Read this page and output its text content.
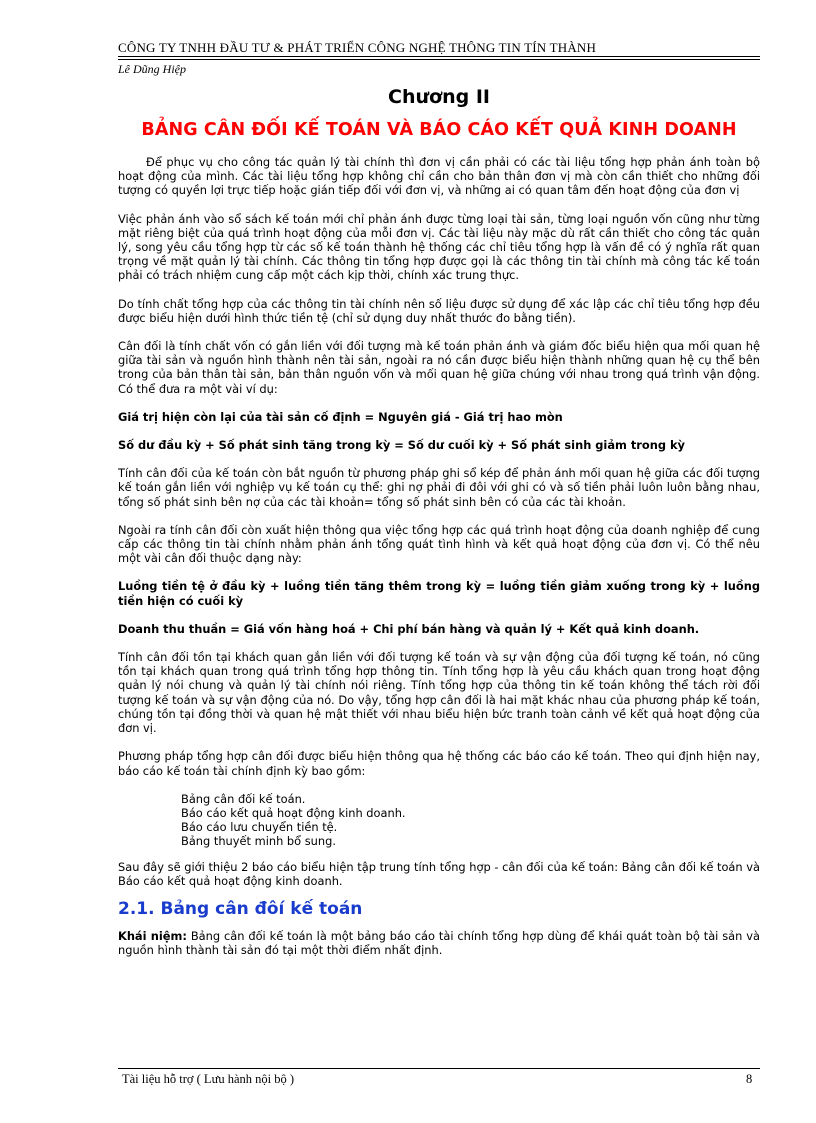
CÔNG TY TNHH ĐẦU TƯ & PHÁT TRIỂN CÔNG NGHỆ THÔNG TIN TÍN THÀNH
Lê Dũng Hiệp
Chương II
BẢNG CÂN ĐỐI KẾ TOÁN VÀ BÁO CÁO KẾT QUẢ KINH DOANH

Để phục vụ cho công tác quản lý tài chính thì đơn vị cần phải có các tài liệu tổng hợp phản ánh toàn bộ hoạt động của mình. Các tài liệu tổng hợp không chỉ cần cho bản thân đơn vị mà còn cần thiết cho những đối tượng có quyền lợi trực tiếp hoặc gián tiếp đối với đơn vị, và những ai có quan tâm đến hoạt động của đơn vị

Việc phản ánh vào sổ sách kế toán mới chỉ phản ánh được từng loại tài sản, từng loại nguồn vốn cũng như từng mặt riêng biệt của quá trình hoạt động của mỗi đơn vị. Các tài liệu này mặc dù rất cần thiết cho công tác quản lý, song yêu cầu tổng hợp từ các số kế toán thành hệ thống các chỉ tiêu tổng hợp là vấn đề có ý nghĩa rất quan trọng về mặt quản lý tài chính. Các thông tin tổng hợp được gọi là các thông tin tài chính mà công tác kế toán phải có trách nhiệm cung cấp một cách kịp thời, chính xác trung thực.

Do tính chất tổng hợp của các thông tin tài chính nên số liệu được sử dụng để xác lập các chỉ tiêu tổng hợp đều được biểu hiện dưới hình thức tiền tệ (chỉ sử dụng duy nhất thước đo bằng tiền).

Cân đối là tính chất vốn có gắn liền với đối tượng mà kế toán phản ánh và giám đốc biểu hiện qua mối quan hệ giữa tài sản và nguồn hình thành nên tài sản, ngoài ra nó cần được biểu hiện thành những quan hệ cụ thể bên trong của bản thân tài sản, bản thân nguồn vốn và mối quan hệ giữa chúng với nhau trong quá trình vận động. Có thể đưa ra một vài ví dụ:

Giá trị hiện còn lại của tài sản cố định = Nguyên giá - Giá trị hao mòn

Số dư đầu kỳ + Số phát sinh tăng trong kỳ = Số dư cuối kỳ + Số phát sinh giảm trong kỳ

Tính cân đối của kế toán còn bắt nguồn từ phương pháp ghi sổ kép để phản ánh mối quan hệ giữa các đối tượng kế toán gắn liền với nghiệp vụ kế toán cụ thể: ghi nợ phải đi đôi với ghi có và số tiền phải luôn luôn bằng nhau, tổng số phát sinh bên nợ của các tài khoản= tổng số phát sinh bên có của các tài khoản.

Ngoài ra tính cân đối còn xuất hiện thông qua việc tổng hợp các quá trình hoạt động của doanh nghiệp để cung cấp các thông tin tài chính nhằm phản ánh tổng quát tình hình và kết quả hoạt động của đơn vị. Có thể nêu một vài cân đối thuộc dạng này:

Luồng tiền tệ ở đầu kỳ + luồng tiền tăng thêm trong kỳ = luồng tiền giảm xuống trong kỳ + luồng tiền hiện có cuối kỳ

Doanh thu thuần = Giá vốn hàng hoá + Chi phí bán hàng và quản lý + Kết quả kinh doanh.

Tính cân đối tồn tại khách quan gắn liền với đối tượng kế toán và sự vận động của đối tượng kế toán, nó cũng tồn tại khách quan trong quá trình tổng hợp thông tin. Tính tổng hợp là yêu cầu khách quan trong hoạt động quản lý nói chung và quản lý tài chính nói riêng. Tính tổng hợp của thông tin kế toán không thể tách rời đối tượng kế toán và sự vận động của nó. Do vậy, tổng hợp cân đối là hai mặt khác nhau của phương pháp kế toán, chúng tồn tại đồng thời và quan hệ mật thiết với nhau biểu hiện bức tranh toàn cảnh về kết quả hoạt động của đơn vị.

Phương pháp tổng hợp cân đối được biểu hiện thông qua hệ thống các báo cáo kế toán. Theo qui định hiện nay, báo cáo kế toán tài chính định kỳ bao gồm:

Bảng cân đối kế toán.
Báo cáo kết quả hoạt động kinh doanh.
Báo cáo lưu chuyển tiền tệ.
Bảng thuyết minh bổ sung.

Sau đây sẽ giới thiệu 2 báo cáo biểu hiện tập trung tính tổng hợp - cân đối của kế toán: Bảng cân đối kế toán và Báo cáo kết quả hoạt động kinh doanh.

2.1. Bảng cân đôí kế toán

Khái niệm: Bảng cân đối kế toán là một bảng báo cáo tài chính tổng hợp dùng để khái quát toàn bộ tài sản và nguồn hình thành tài sản đó tại một thời điểm nhất định.

Tài liệu hỗ trợ ( Lưu hành nội bộ )	8
